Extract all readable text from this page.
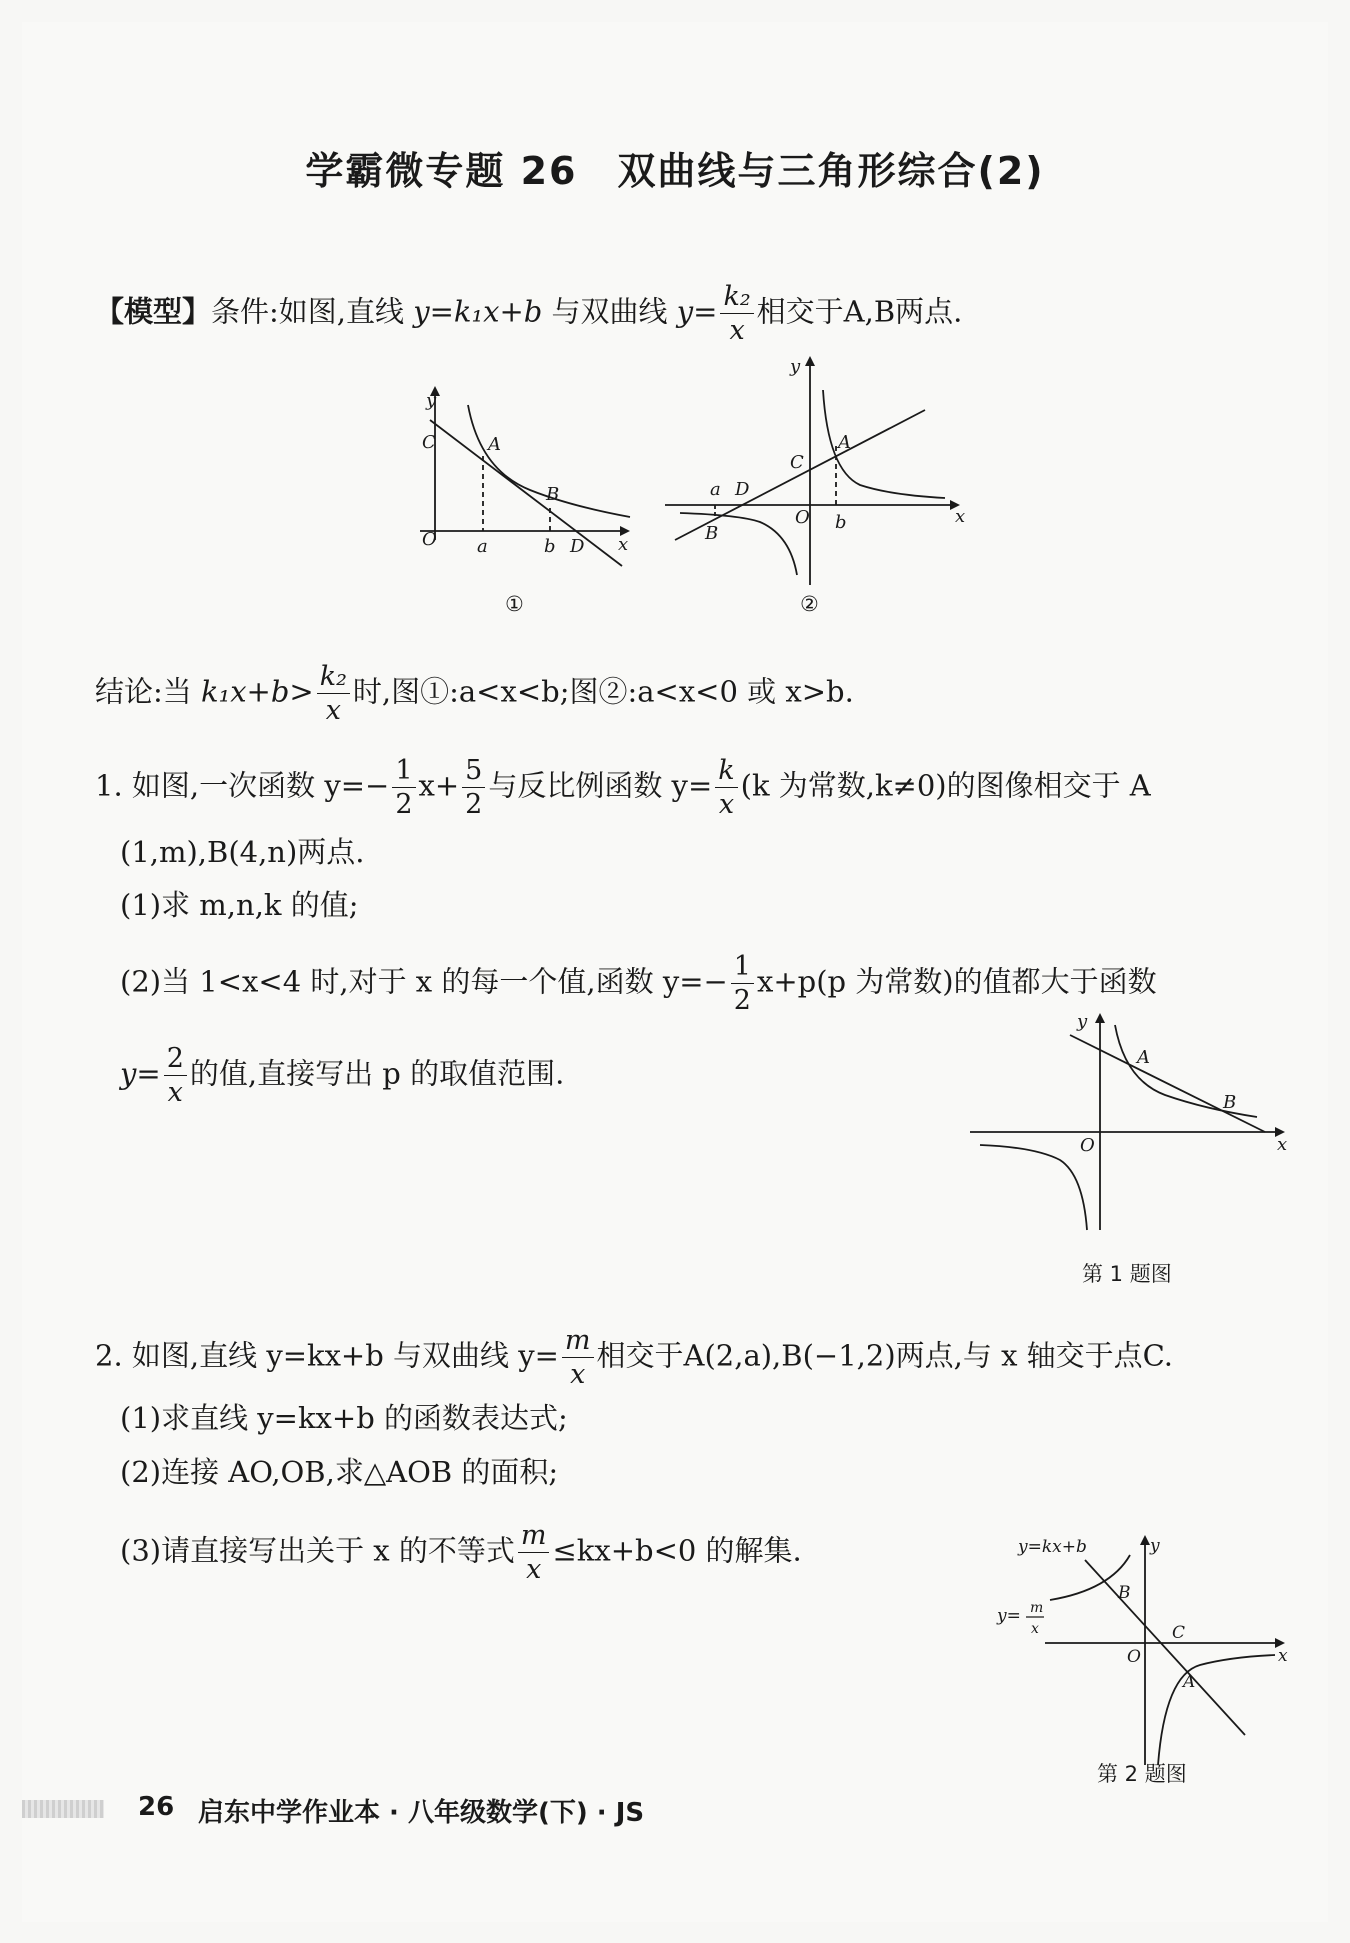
学霸微专题 26　双曲线与三角形综合(2)
【模型】条件:如图,直线 y=k₁x+b 与双曲线 $y= \frac{\text{k₂}}{x}$ 相交于A,B两点.
y
x
O
C	A
B
D
a	b
①
y
x
O
C
A
B
D
a
b
②
结论:当 $k_1x+b> \frac{\text{k₂}}{x}$ 时,图①:a<x<b;图②:a<x<0 或 x>b.
1. 如图,一次函数 $y=- \frac{1}{2} x+ \frac{5}{2}$ 与反比例函数 $y= \frac{k}{x} (k$ 为常数,k≠0)的图像相交于 A
(1,m),B(4,n)两点.
(1)求 m,n,k 的值;
(2)当 1<x<4 时,对于 x 的每一个值,函数 $y=- \frac{1}{2} x+p(p$ 为常数)的值都大于函数
$y= \frac{2}{x}$ 的值,直接写出 p 的取值范围.
y
x
O
A
B
第 1 题图
2. 如图,直线 y=kx+b 与双曲线 $y= \frac{m}{x}$ 相交于A(2,a),B(−1,2)两点,与 x 轴交于点C.
(1)求直线 y=kx+b 的函数表达式;
(2)连接 AO,OB,求△AOB 的面积;
(3)请直接写出关于 x 的不等式 $\frac{m}{x} \le kx+b<0$ 的解集.	y
x
O
B
C
A
y=kx+b
y= m
x
第 2 题图
26 启东中学作业本 · 八年级数学(下) · JS
